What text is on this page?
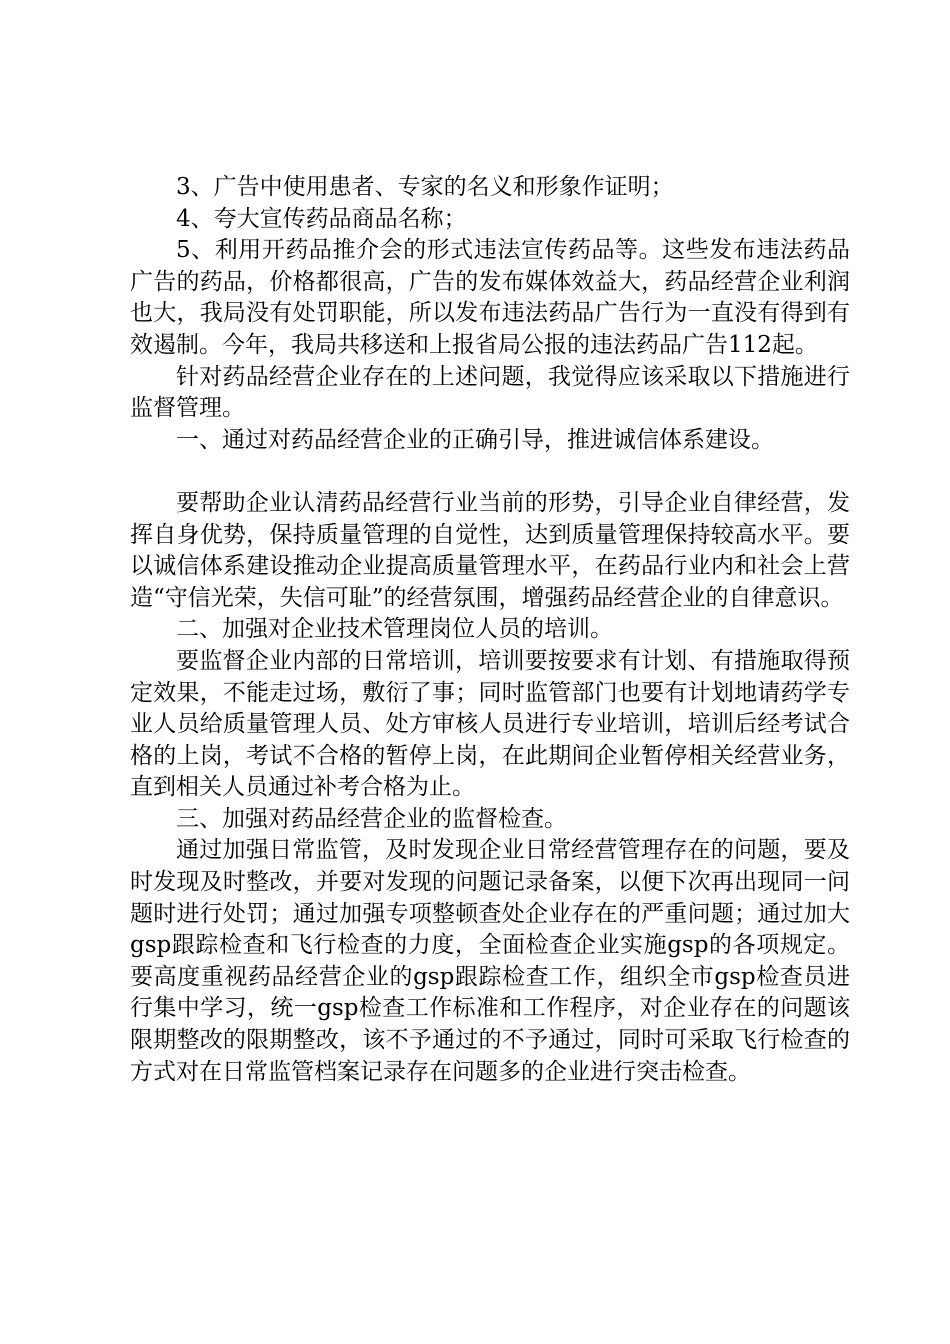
3、广告中使用患者、专家的名义和形象作证明；

4、夸大宣传药品商品名称；

5、利用开药品推介会的形式违法宣传药品等。这些发布违法药品广告的药品，价格都很高，广告的发布媒体效益大，药品经营企业利润也大，我局没有处罚职能，所以发布违法药品广告行为一直没有得到有效遏制。今年，我局共移送和上报省局公报的违法药品广告112起。

针对药品经营企业存在的上述问题，我觉得应该采取以下措施进行监督管理。

一、通过对药品经营企业的正确引导，推进诚信体系建设。

要帮助企业认清药品经营行业当前的形势，引导企业自律经营，发挥自身优势，保持质量管理的自觉性，达到质量管理保持较高水平。要以诚信体系建设推动企业提高质量管理水平，在药品行业内和社会上营造“守信光荣，失信可耻”的经营氛围，增强药品经营企业的自律意识。

二、加强对企业技术管理岗位人员的培训。

要监督企业内部的日常培训，培训要按要求有计划、有措施取得预定效果，不能走过场，敷衍了事；同时监管部门也要有计划地请药学专业人员给质量管理人员、处方审核人员进行专业培训，培训后经考试合格的上岗，考试不合格的暂停上岗，在此期间企业暂停相关经营业务，直到相关人员通过补考合格为止。

三、加强对药品经营企业的监督检查。

通过加强日常监管，及时发现企业日常经营管理存在的问题，要及时发现及时整改，并要对发现的问题记录备案，以便下次再出现同一问题时进行处罚；通过加强专项整顿查处企业存在的严重问题；通过加大gsp跟踪检查和飞行检查的力度，全面检查企业实施gsp的各项规定。要高度重视药品经营企业的gsp跟踪检查工作，组织全市gsp检查员进行集中学习，统一gsp检查工作标准和工作程序，对企业存在的问题该限期整改的限期整改，该不予通过的不予通过，同时可采取飞行检查的方式对在日常监管档案记录存在问题多的企业进行突击检查。
